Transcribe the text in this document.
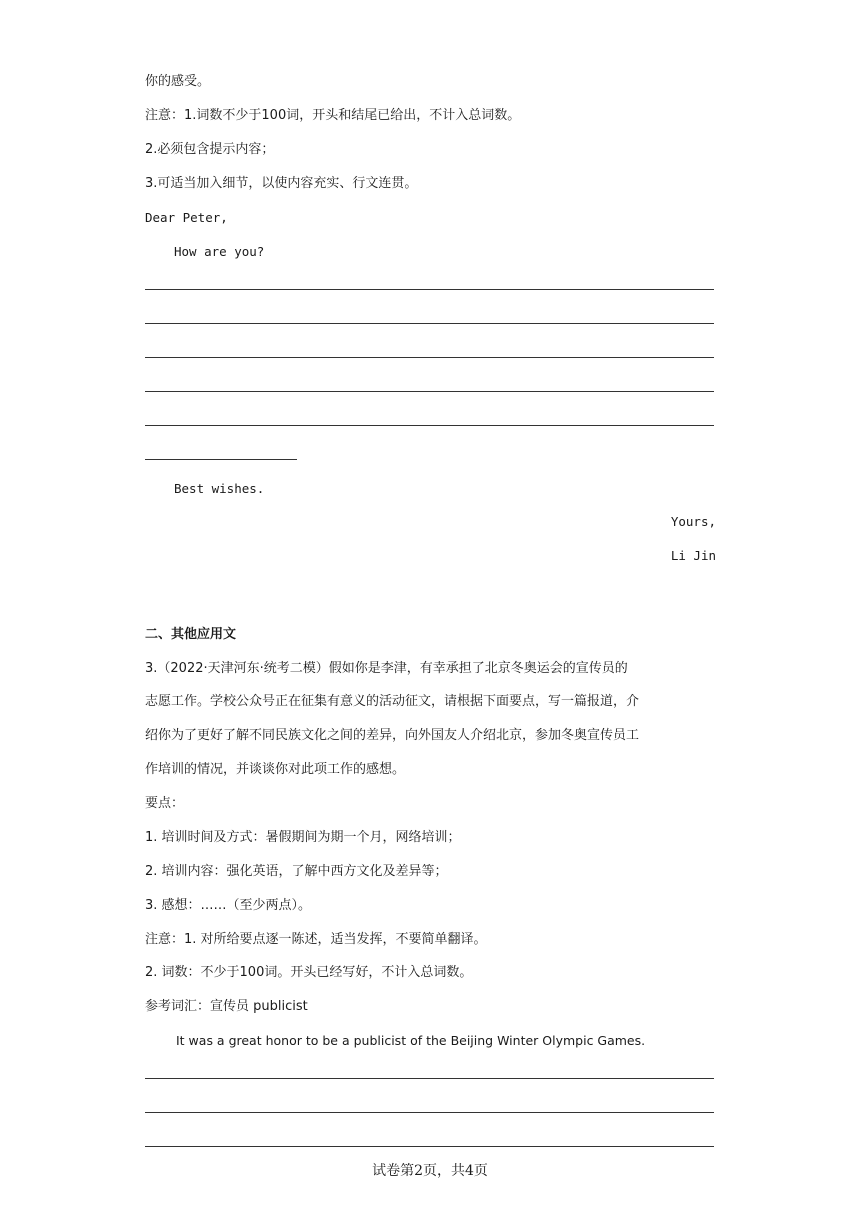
你的感受。
注意：1.词数不少于100词，开头和结尾已给出，不计入总词数。
2.必须包含提示内容；
3.可适当加入细节，以使内容充实、行文连贯。
Dear Peter,
How are you?
Best wishes.
Yours,
Li Jin
二、其他应用文
3.（2022·天津河东·统考二模）假如你是李津，有幸承担了北京冬奥运会的宣传员的
志愿工作。学校公众号正在征集有意义的活动征文，请根据下面要点，写一篇报道，介
绍你为了更好了解不同民族文化之间的差异，向外国友人介绍北京，参加冬奥宣传员工
作培训的情况，并谈谈你对此项工作的感想。
要点：
1. 培训时间及方式：暑假期间为期一个月，网络培训；
2. 培训内容：强化英语，了解中西方文化及差异等；
3. 感想：……（至少两点）。
注意：1. 对所给要点逐一陈述，适当发挥，不要简单翻译。
2. 词数：不少于100词。开头已经写好，不计入总词数。
参考词汇：宣传员 publicist
It was a great honor to be a publicist of the Beijing Winter Olympic Games.
试卷第2页，共4页
